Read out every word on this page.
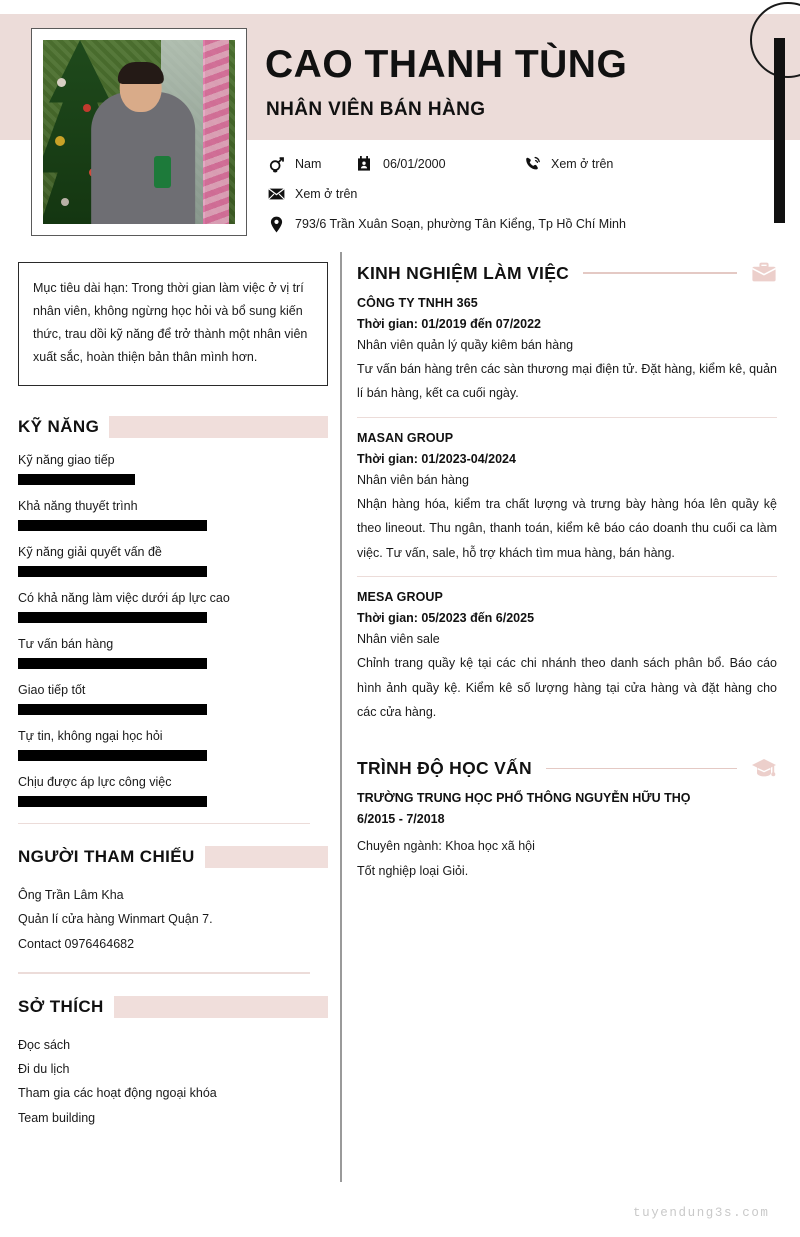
CAO THANH TÙNG
NHÂN VIÊN BÁN HÀNG
Nam	06/01/2000	Xem ở trên
Xem ở trên
793/6 Trần Xuân Soạn, phường Tân Kiểng, Tp Hồ Chí Minh
Mục tiêu dài hạn: Trong thời gian làm việc ở vị trí nhân viên, không ngừng học hỏi và bổ sung kiến thức, trau dồi kỹ năng để trở thành một nhân viên xuất sắc, hoàn thiện bản thân mình hơn.
KỸ NĂNG
Kỹ năng giao tiếp
Khả năng thuyết trình
Kỹ năng giải quyết vấn đề
Có khả năng làm việc dưới áp lực cao
Tư vấn bán hàng
Giao tiếp tốt
Tự tin, không ngại học hỏi
Chịu được áp lực công việc
NGƯỜI THAM CHIẾU
Ông Trần Lâm Kha
Quản lí cửa hàng Winmart Quận 7.
Contact 0976464682
SỞ THÍCH
Đọc sách
Đi du lịch
Tham gia các hoạt động ngoại khóa
Team building
KINH NGHIỆM LÀM VIỆC
CÔNG TY TNHH 365
Thời gian: 01/2019 đến 07/2022
Nhân viên quản lý quầy kiêm bán hàng
Tư vấn bán hàng trên các sàn thương mại điện tử. Đặt hàng, kiểm kê, quản lí bán hàng, kết ca cuối ngày.
MASAN GROUP
Thời gian: 01/2023-04/2024
Nhân viên bán hàng
Nhận hàng hóa, kiểm tra chất lượng và trưng bày hàng hóa lên quầy kệ theo lineout. Thu ngân, thanh toán, kiểm kê báo cáo doanh thu cuối ca làm việc. Tư vấn, sale, hỗ trợ khách tìm mua hàng, bán hàng.
MESA GROUP
Thời gian: 05/2023 đến 6/2025
Nhân viên sale
Chỉnh trang quầy kệ tại các chi nhánh theo danh sách phân bổ. Báo cáo hình ảnh quầy kệ. Kiểm kê số lượng hàng tại cửa hàng và đặt hàng cho các cửa hàng.
TRÌNH ĐỘ HỌC VẤN
TRƯỜNG TRUNG HỌC PHỔ THÔNG NGUYỄN HỮU THỌ
6/2015 - 7/2018
Chuyên ngành: Khoa học xã hội
Tốt nghiệp loại Giỏi.
tuyendung3s.com
